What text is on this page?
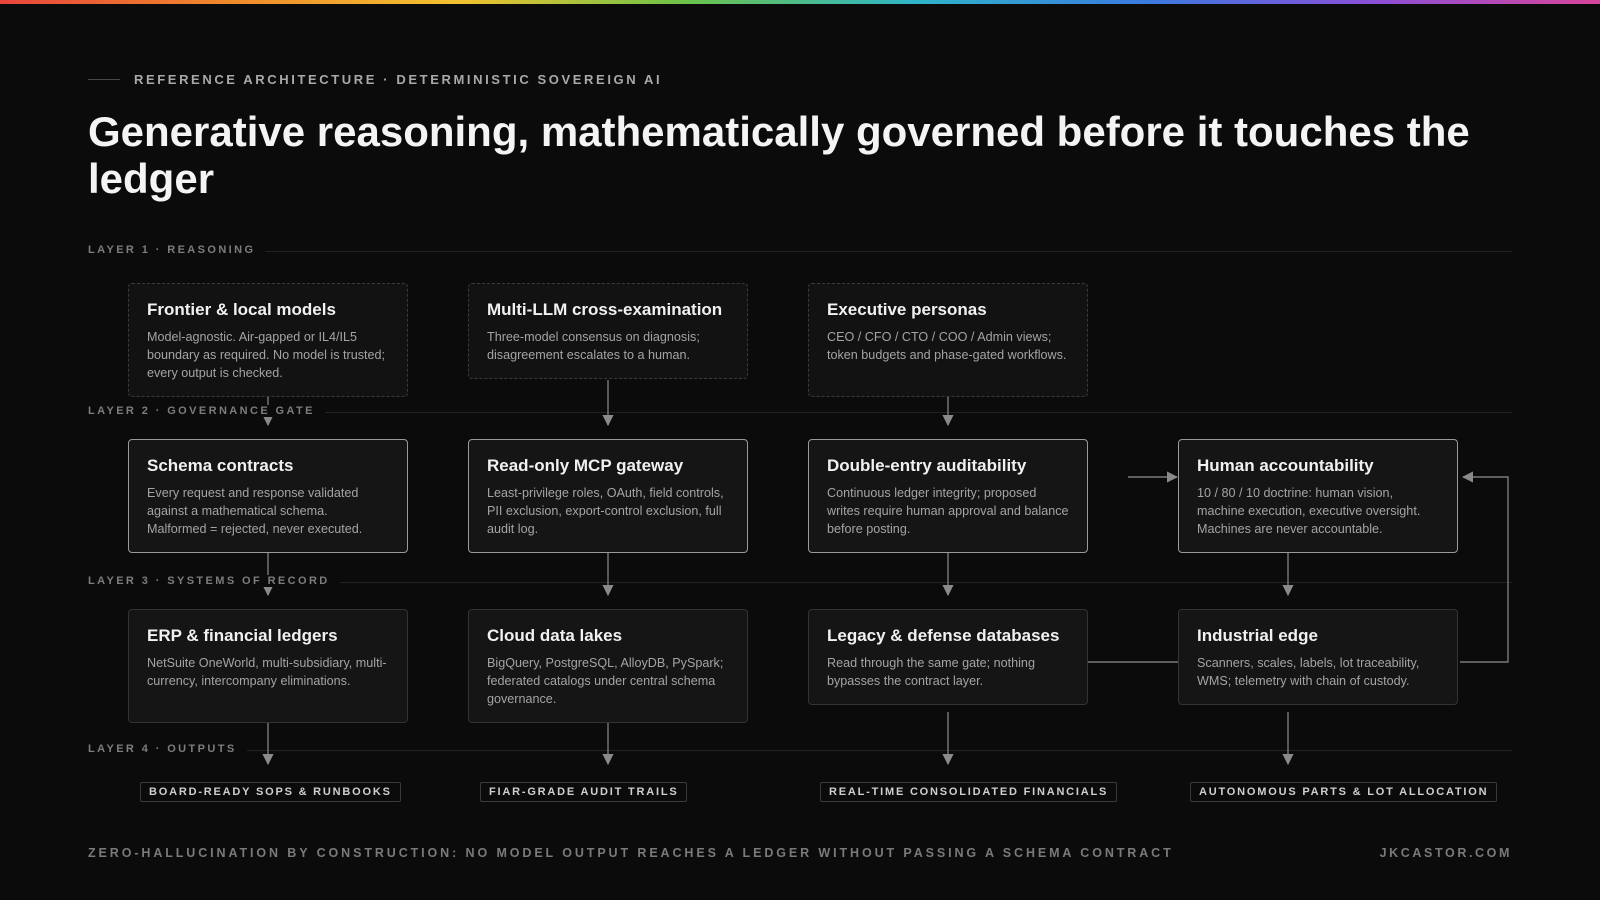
REFERENCE ARCHITECTURE · DETERMINISTIC SOVEREIGN AI
Generative reasoning, mathematically governed before it touches the ledger
LAYER 1 · REASONING
LAYER 2 · GOVERNANCE GATE
LAYER 3 · SYSTEMS OF RECORD
LAYER 4 · OUTPUTS
Frontier & local models

Model-agnostic. Air-gapped or IL4/IL5 boundary as required. No model is trusted; every output is checked.

Multi-LLM cross-examination

Three-model consensus on diagnosis; disagreement escalates to a human.

Executive personas

CEO / CFO / CTO / COO / Admin views; token budgets and phase-gated workflows.

Schema contracts

Every request and response validated against a mathematical schema. Malformed = rejected, never executed.

Read-only MCP gateway

Least-privilege roles, OAuth, field controls, PII exclusion, export-control exclusion, full audit log.

Double-entry auditability

Continuous ledger integrity; proposed writes require human approval and balance before posting.

Human accountability

10 / 80 / 10 doctrine: human vision, machine execution, executive oversight. Machines are never accountable.

ERP & financial ledgers

NetSuite OneWorld, multi-subsidiary, multi-currency, intercompany eliminations.

Cloud data lakes

BigQuery, PostgreSQL, AlloyDB, PySpark; federated catalogs under central schema governance.

Legacy & defense databases

Read through the same gate; nothing bypasses the contract layer.

Industrial edge

Scanners, scales, labels, lot traceability, WMS; telemetry with chain of custody.

BOARD-READY SOPS & RUNBOOKS	FIAR-GRADE AUDIT TRAILS	REAL-TIME CONSOLIDATED FINANCIALS	AUTONOMOUS PARTS & LOT ALLOCATION
ZERO-HALLUCINATION BY CONSTRUCTION: NO MODEL OUTPUT REACHES A LEDGER WITHOUT PASSING A SCHEMA CONTRACT	JKCASTOR.COM
